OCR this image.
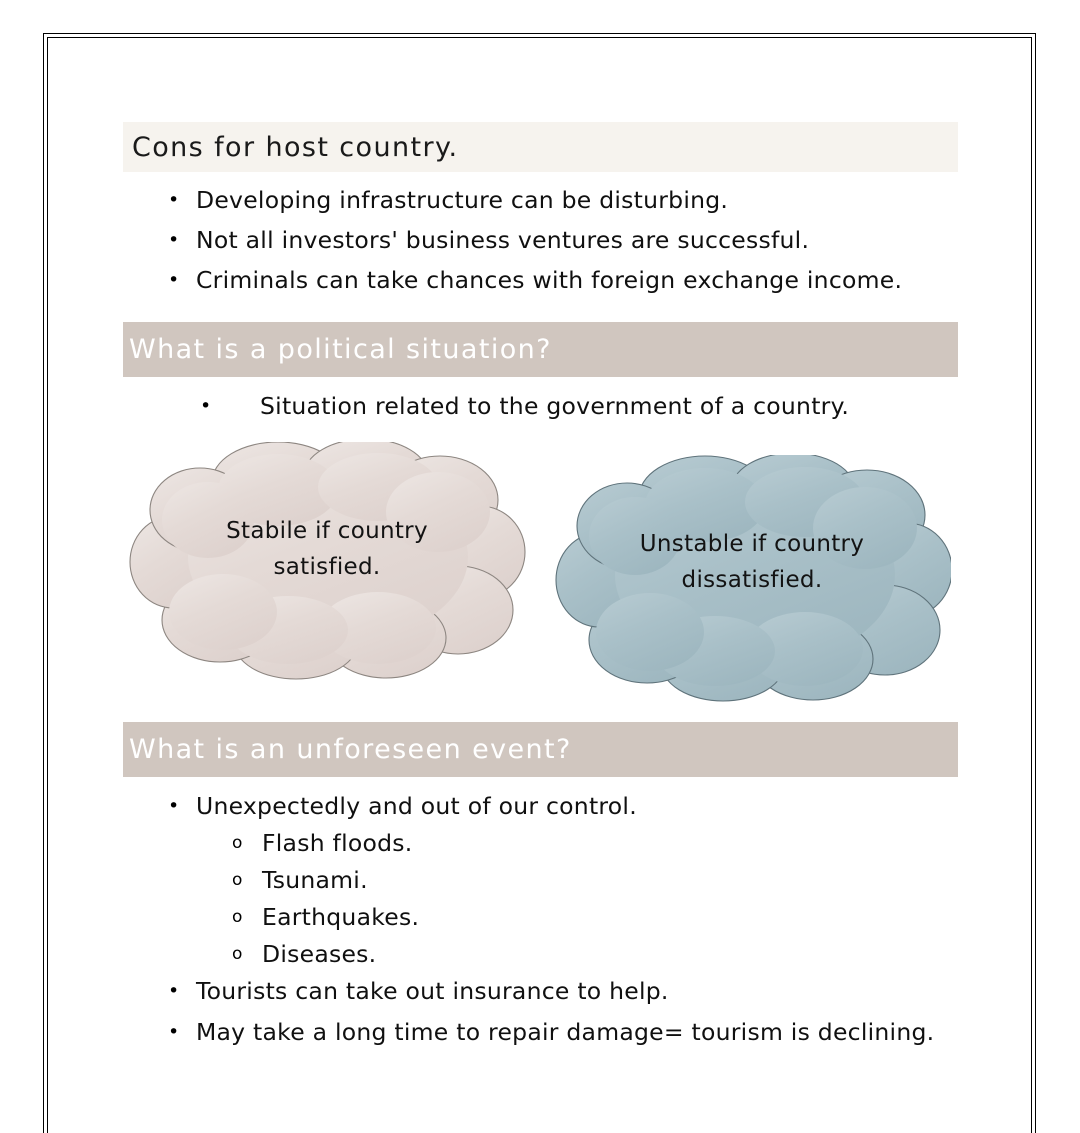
Cons for host country.
• Developing infrastructure can be disturbing.
• Not all investors' business ventures are successful.
• Criminals can take chances with foreign exchange income.
What is a political situation?
•	Situation related to the government of a country.
Stabile if country
satisfied.
Unstable if country
dissatisfied.
What is an unforeseen event?
• Unexpectedly and out of our control.
o Flash floods.
o Tsunami.
o Earthquakes.
o Diseases.
• Tourists can take out insurance to help.
• May take a long time to repair damage= tourism is declining.
